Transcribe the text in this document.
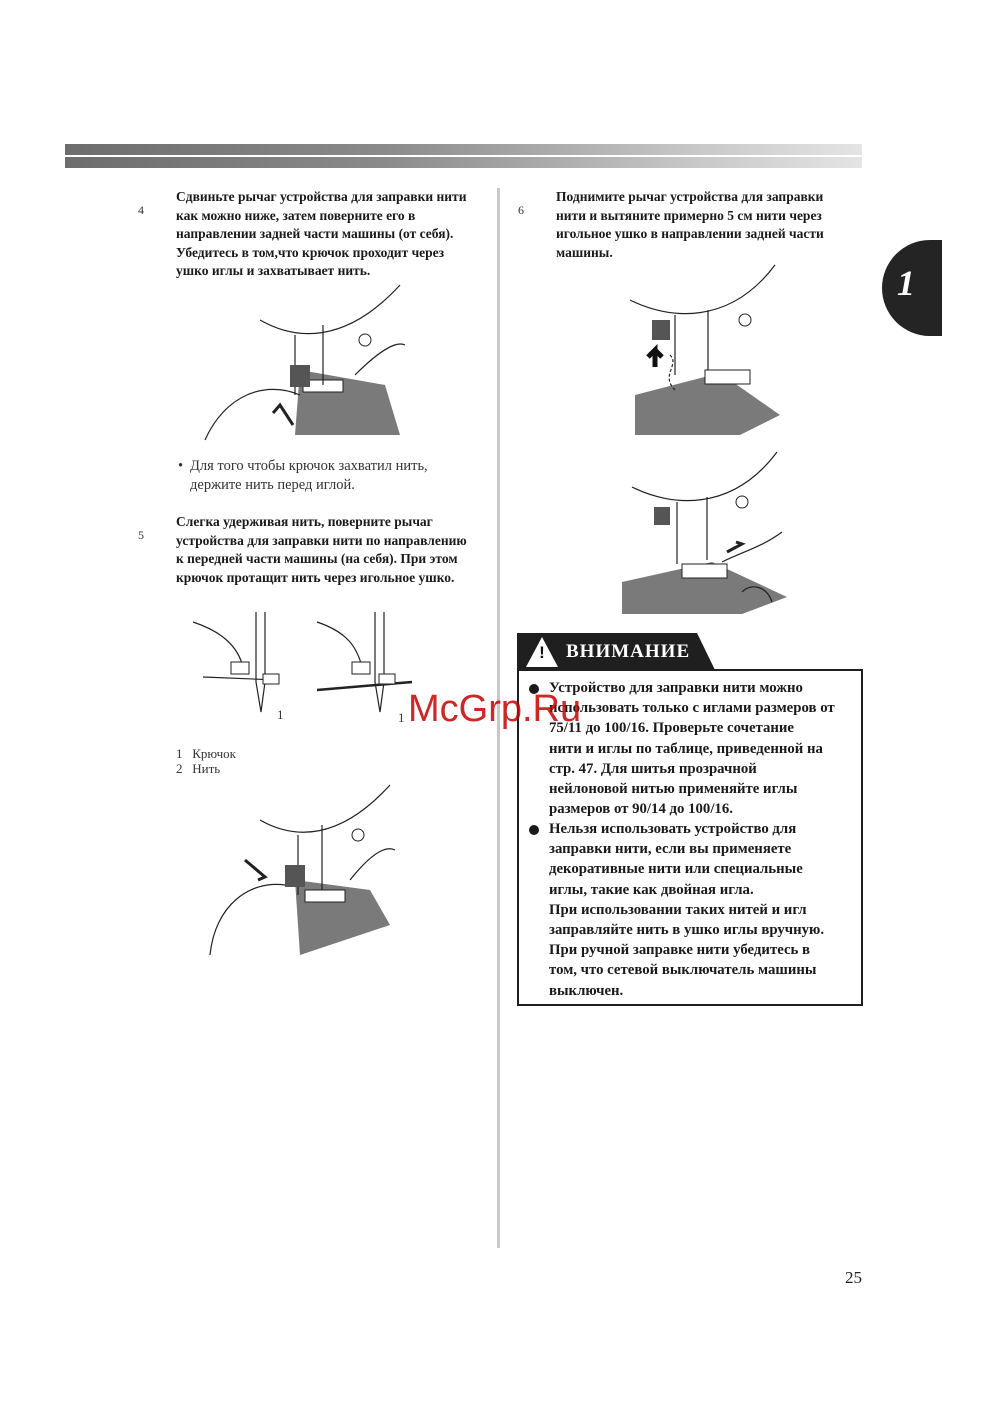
1
4
Сдвиньте рычаг устройства для заправки нити
как можно ниже, затем поверните его в
направлении задней части машины (от себя).
Убедитесь в том,что крючок проходит через
ушко иглы и захватывает нить.
• Для того чтобы крючок захватил нить,
держите нить перед иглой.
5
Слегка удерживая нить, поверните рычаг
устройства для заправки нити по направлению
к передней части машины (на себя). При этом
крючок протащит нить через игольное ушко.
1	1
1 Крючок
2 Нить
6
Поднимите рычаг устройства для заправки
нити и вытяните примерно 5 см нити через
игольное ушко в направлении задней части
машины.
! ВНИМАНИЕ
Устройство для заправки нити можно
использовать только с иглами размеров от
75/11 до 100/16. Проверьте сочетание
нити и иглы по таблице, приведенной на
стр. 47. Для шитья прозрачной
нейлоновой нитью применяйте иглы
размеров от 90/14 до 100/16.
Нельзя использовать устройство для
заправки нити, если вы применяете
декоративные нити или специальные
иглы, такие как двойная игла.
При использовании таких нитей и игл
заправляйте нить в ушко иглы вручную.
При ручной заправке нити убедитесь в
том, что сетевой выключатель машины
выключен.
McGrp.Ru
25
